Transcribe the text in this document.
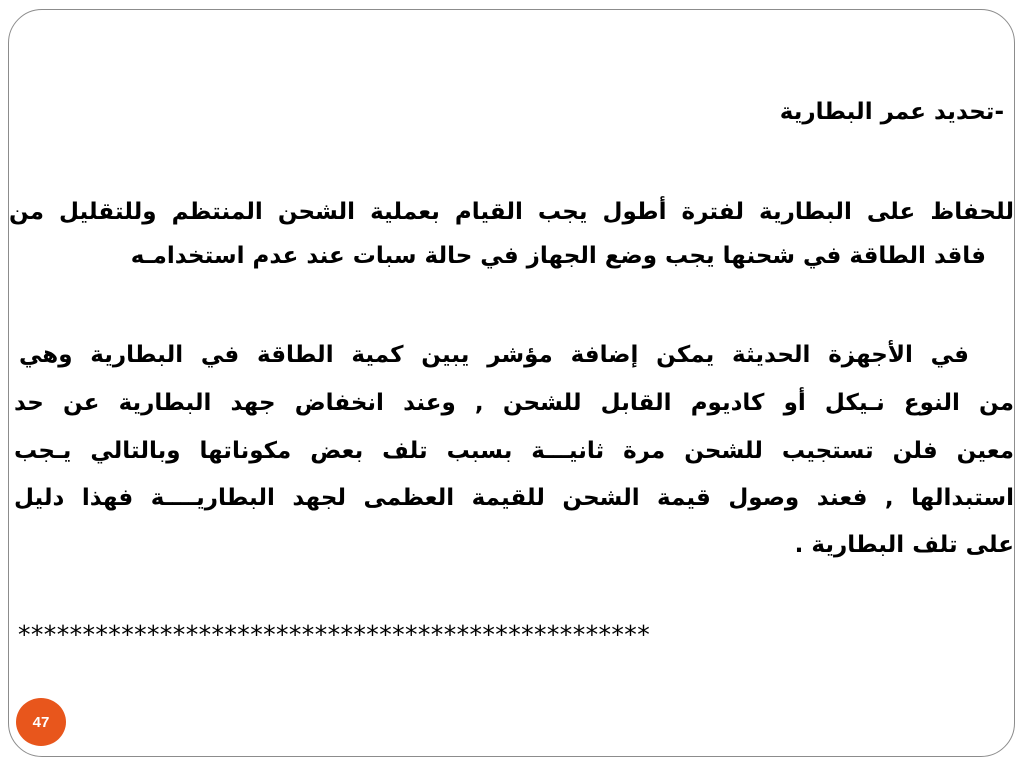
-تحديد عمر البطارية
للحفاظ على البطارية لفترة أطول يجب القيام بعملية الشحن المنتظم وللتقليل من
فاقد الطاقة في شحنها يجب وضع الجهاز في حالة سبات عند عدم استخدامـه
في الأجهزة الحديثة يمكن إضافة مؤشر يبين كمية الطاقة في البطارية وهي
من النوع نـيكل أو كاديوم القابل للشحن , وعند انخفاض جهد البطارية عن حد
معين فلن تستجيب للشحن مرة ثانيـــة بسبب تلف بعض مكوناتها وبالتالي يـجب
استبدالها , فعند وصول قيمة الشحن للقيمة العظمى لجهد البطاريــــة فهذا دليل
على تلف البطارية .
*************************************************
47
